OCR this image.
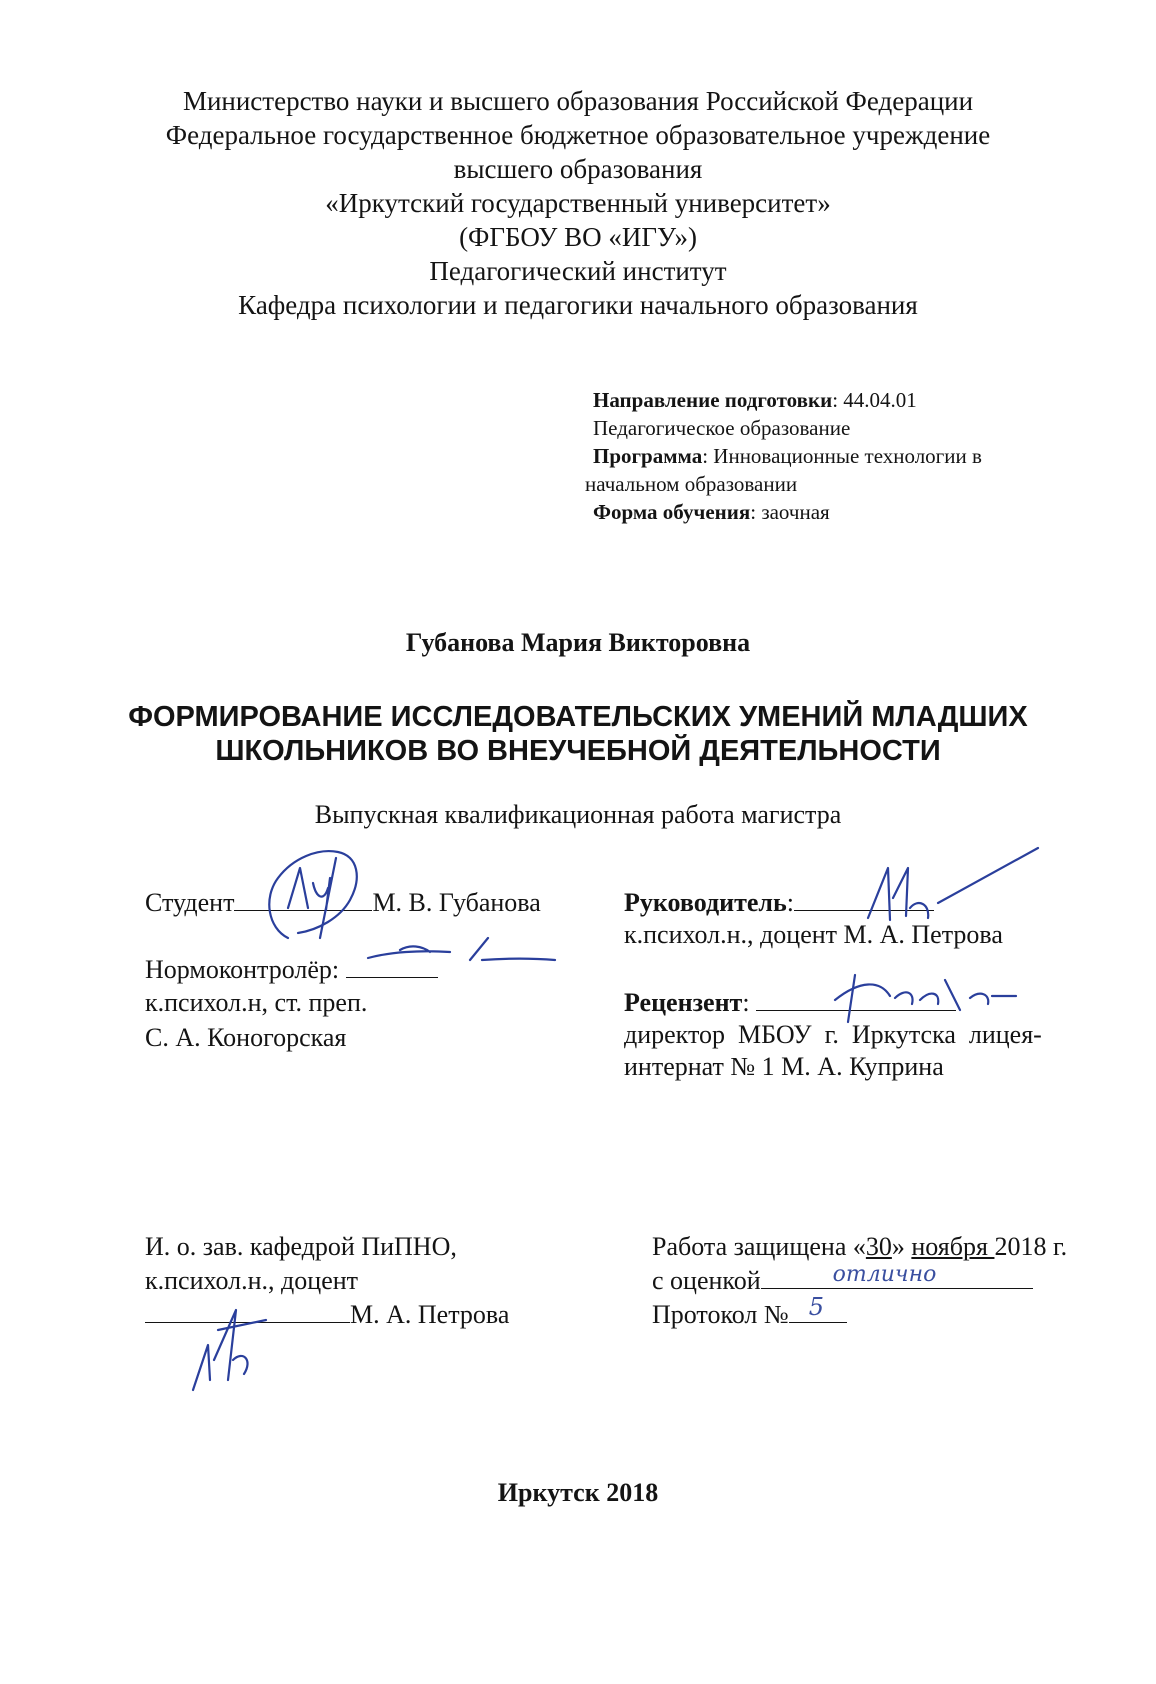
Министерство науки и высшего образования Российской Федерации
Федеральное государственное бюджетное образовательное учреждение
высшего образования
«Иркутский государственный университет»
(ФГБОУ ВО «ИГУ»)
Педагогический институт
Кафедра психологии и педагогики начального образования
Направление подготовки: 44.04.01
Педагогическое образование
Программа: Инновационные технологии в
начальном образовании
Форма обучения: заочная
Губанова Мария Викторовна
ФОРМИРОВАНИЕ ИССЛЕДОВАТЕЛЬСКИХ УМЕНИЙ МЛАДШИХ
ШКОЛЬНИКОВ ВО ВНЕУЧЕБНОЙ ДЕЯТЕЛЬНОСТИ
Выпускная квалификационная работа магистра
Студент	М. В. Губанова
Нормоконтролёр:
к.психол.н, ст. преп.
С. А. Коногорская
Руководитель:
к.психол.н., доцент М. А. Петрова
Рецензент:
директор  МБОУ  г.  Иркутска  лицея-
интернат № 1 М. А. Куприна
И. о. зав. кафедрой ПиПНО,
к.психол.н., доцент
М. А. Петрова
Работа защищена «30» ноября 2018 г.
с оценкой	отлично
Протокол № 5
Иркутск 2018
